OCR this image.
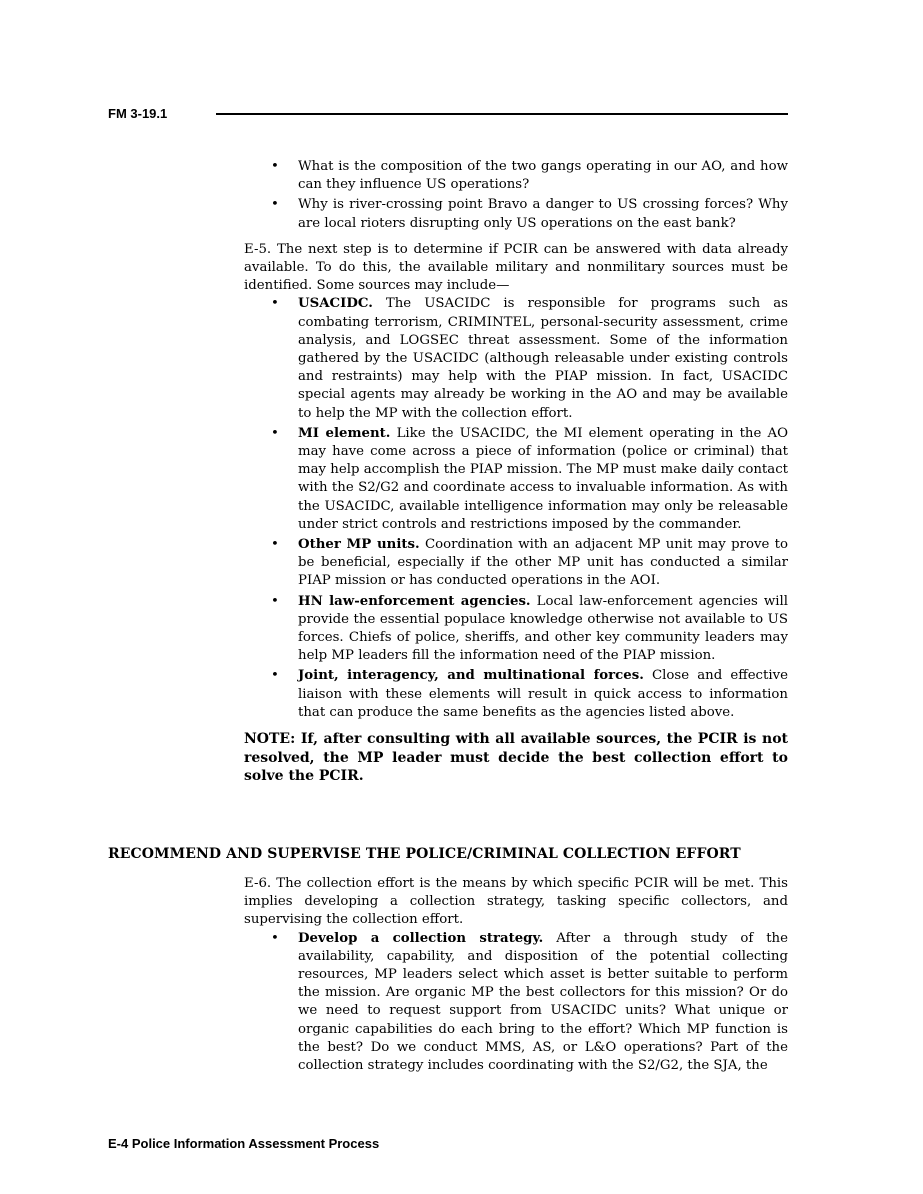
FM 3-19.1
• What is the composition of the two gangs operating in our AO, and how can they influence US operations?
• Why is river-crossing point Bravo a danger to US crossing forces? Why are local rioters disrupting only US operations on the east bank?

E-5. The next step is to determine if PCIR can be answered with data already available. To do this, the available military and nonmilitary sources must be identified. Some sources may include—

• USACIDC. The USACIDC is responsible for programs such as combating terrorism, CRIMINTEL, personal-security assessment, crime analysis, and LOGSEC threat assessment. Some of the information gathered by the USACIDC (although releasable under existing controls and restraints) may help with the PIAP mission. In fact, USACIDC special agents may already be working in the AO and may be available to help the MP with the collection effort.
• MI element. Like the USACIDC, the MI element operating in the AO may have come across a piece of information (police or criminal) that may help accomplish the PIAP mission. The MP must make daily contact with the S2/G2 and coordinate access to invaluable information. As with the USACIDC, available intelligence information may only be releasable under strict controls and restrictions imposed by the commander.
• Other MP units. Coordination with an adjacent MP unit may prove to be beneficial, especially if the other MP unit has conducted a similar PIAP mission or has conducted operations in the AOI.
• HN law-enforcement agencies. Local law-enforcement agencies will provide the essential populace knowledge otherwise not available to US forces. Chiefs of police, sheriffs, and other key community leaders may help MP leaders fill the information need of the PIAP mission.
• Joint, interagency, and multinational forces. Close and effective liaison with these elements will result in quick access to information that can produce the same benefits as the agencies listed above.

NOTE: If, after consulting with all available sources, the PCIR is not resolved, the MP leader must decide the best collection effort to solve the PCIR.

RECOMMEND AND SUPERVISE THE POLICE/CRIMINAL COLLECTION EFFORT

E-6. The collection effort is the means by which specific PCIR will be met. This implies developing a collection strategy, tasking specific collectors, and supervising the collection effort.

• Develop a collection strategy. After a through study of the availability, capability, and disposition of the potential collecting resources, MP leaders select which asset is better suitable to perform the mission. Are organic MP the best collectors for this mission? Or do we need to request support from USACIDC units? What unique or organic capabilities do each bring to the effort? Which MP function is the best? Do we conduct MMS, AS, or L&O operations? Part of the collection strategy includes coordinating with the S2/G2, the SJA, the
E-4 Police Information Assessment Process
